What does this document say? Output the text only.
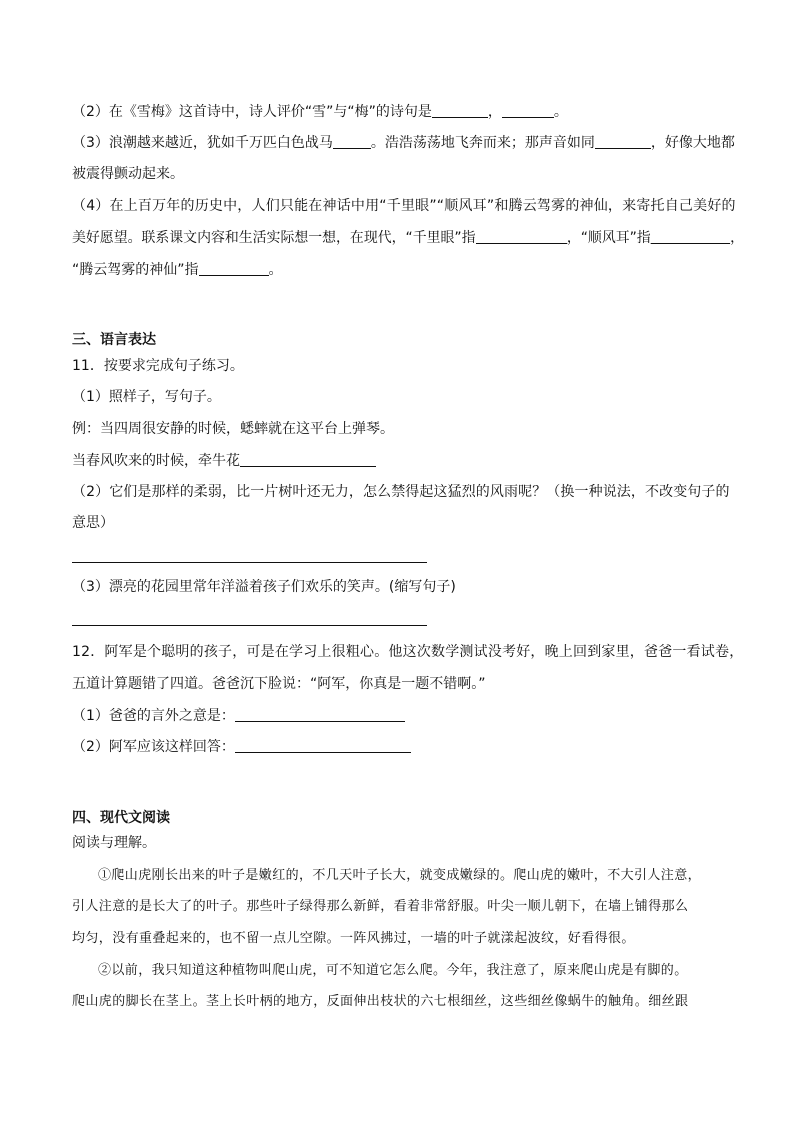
（2）在《雪梅》这首诗中，诗人评价“雪”与“梅”的诗句是	，	。
（3）浪潮越来越近，犹如千万匹白色战马	。浩浩荡荡地飞奔而来；那声音如同	，好像大地都
被震得颤动起来。
（4）在上百万年的历史中，人们只能在神话中用“千里眼”“顺风耳”和腾云驾雾的神仙，来寄托自己美好的
美好愿望。联系课文内容和生活实际想一想，在现代，“千里眼”指	，“顺风耳”指	，
“腾云驾雾的神仙”指	。
三、语言表达
11．按要求完成句子练习。
（1）照样子，写句子。
例：当四周很安静的时候，蟋蟀就在这平台上弹琴。
当春风吹来的时候，牵牛花
（2）它们是那样的柔弱，比一片树叶还无力，怎么禁得起这猛烈的风雨呢？（换一种说法，不改变句子的
意思）
（3）漂亮的花园里常年洋溢着孩子们欢乐的笑声。(缩写句子)
12．阿军是个聪明的孩子，可是在学习上很粗心。他这次数学测试没考好，晚上回到家里，爸爸一看试卷，
五道计算题错了四道。爸爸沉下脸说：“阿军，你真是一题不错啊。”
（1）爸爸的言外之意是：
（2）阿军应该这样回答：
四、现代文阅读
阅读与理解。
①爬山虎刚长出来的叶子是嫩红的，不几天叶子长大，就变成嫩绿的。爬山虎的嫩叶，不大引人注意，
引人注意的是长大了的叶子。那些叶子绿得那么新鲜，看着非常舒服。叶尖一顺儿朝下，在墙上铺得那么
均匀，没有重叠起来的，也不留一点儿空隙。一阵风拂过，一墙的叶子就漾起波纹，好看得很。
②以前，我只知道这种植物叫爬山虎，可不知道它怎么爬。今年，我注意了，原来爬山虎是有脚的。
爬山虎的脚长在茎上。茎上长叶柄的地方，反面伸出枝状的六七根细丝，这些细丝像蜗牛的触角。细丝跟
